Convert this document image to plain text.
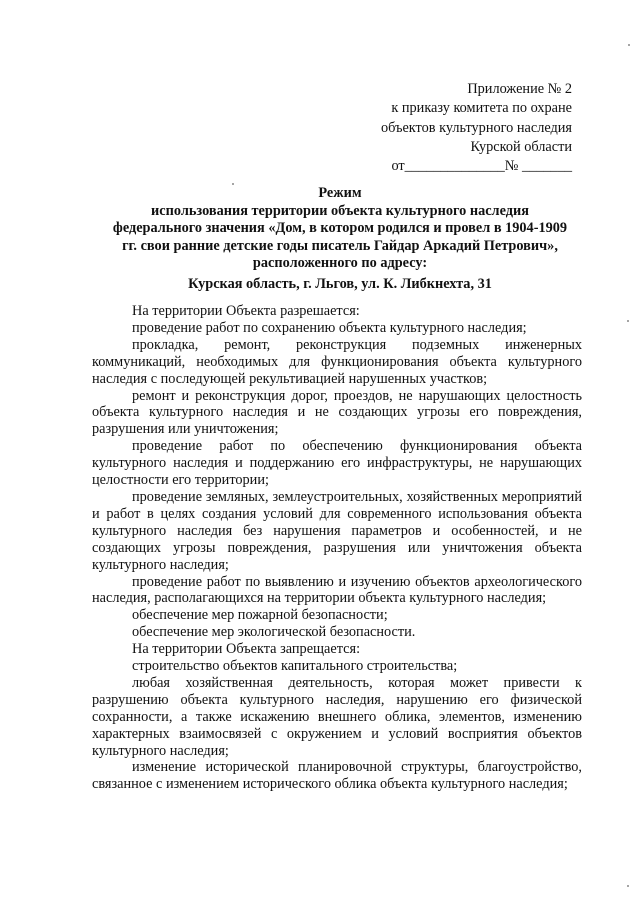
Приложение № 2
к приказу комитета по охране
объектов культурного наследия
Курской области
от______________№ _______
Режим
использования территории объекта культурного наследия
федерального значения «Дом, в котором родился и провел в 1904-1909
гг. свои ранние детские годы писатель Гайдар Аркадий Петрович»,
расположенного по адресу:
Курская область, г. Льгов, ул. К. Либкнехта, 31

На территории Объекта разрешается:

проведение работ по сохранению объекта культурного наследия;

прокладка, ремонт, реконструкция подземных инженерных коммуникаций, необходимых для функционирования объекта культурного наследия с последующей рекультивацией нарушенных участков;

ремонт и реконструкция дорог, проездов, не нарушающих целостность объекта культурного наследия и не создающих угрозы его повреждения, разрушения или уничтожения;

проведение работ по обеспечению функционирования объекта культурного наследия и поддержанию его инфраструктуры, не нарушающих целостности его территории;

проведение земляных, землеустроительных, хозяйственных мероприятий и работ в целях создания условий для современного использования объекта культурного наследия без нарушения параметров и особенностей, и не создающих угрозы повреждения, разрушения или уничтожения объекта культурного наследия;

проведение работ по выявлению и изучению объектов археологического наследия, располагающихся на территории объекта культурного наследия;

обеспечение мер пожарной безопасности;

обеспечение мер экологической безопасности.

На территории Объекта запрещается:

строительство объектов капитального строительства;

любая хозяйственная деятельность, которая может привести к разрушению объекта культурного наследия, нарушению его физической сохранности, а также искажению внешнего облика, элементов, изменению характерных взаимосвязей с окружением и условий восприятия объектов культурного наследия;

изменение исторической планировочной структуры, благоустройство, связанное с изменением исторического облика объекта культурного наследия;
